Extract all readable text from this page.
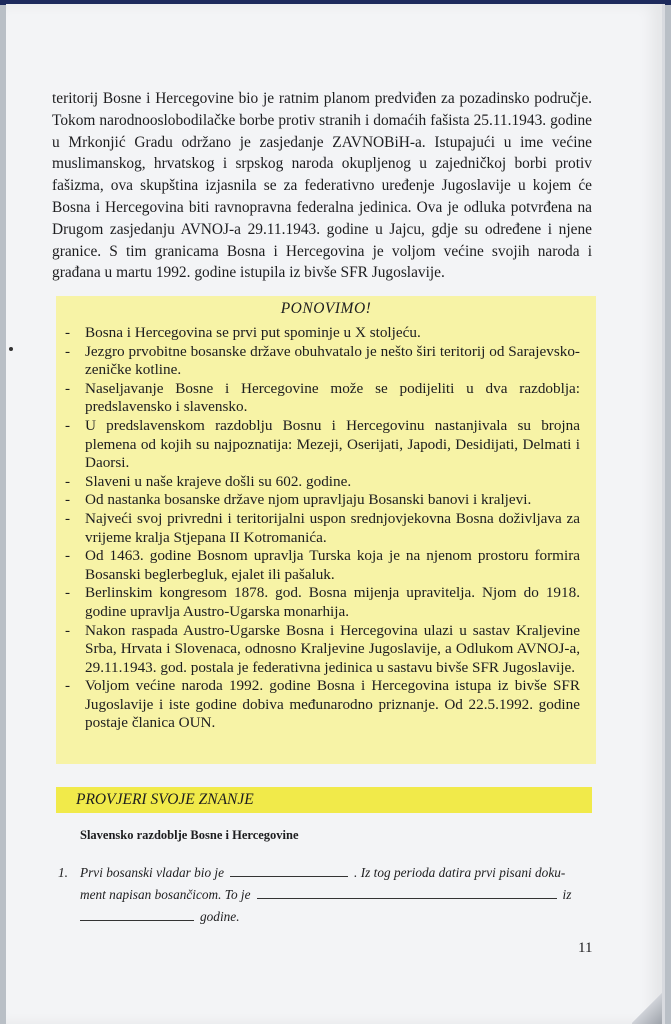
teritorij Bosne i Hercegovine bio je ratnim planom predviđen za pozadinsko područje. Tokom narodnooslobodilačke borbe protiv stranih i domaćih fašista 25.11.1943. godine u Mrkonjić Gradu održano je zasjedanje ZAVNOBiH-a. Istupajući u ime većine muslimanskog, hrvatskog i srpskog naroda okupljenog u zajedničkoj borbi protiv fašizma, ova skupština izjasnila se za federativno uređenje Jugoslavije u kojem će Bosna i Hercegovina biti ravnopravna federalna jedinica. Ova je odluka potvrđena na Drugom zasjedanju AVNOJ-a 29.11.1943. godine u Jajcu, gdje su određene i njene granice. S tim granicama Bosna i Hercegovina je voljom većine svojih naroda i građana u martu 1992. godine istupila iz bivše SFR Jugoslavije.

PONOVIMO!
- Bosna i Hercegovina se prvi put spominje u X stoljeću.
- Jezgro prvobitne bosanske države obuhvatalo je nešto širi teritorij od Sarajevsko-zeničke kotline.
- Naseljavanje Bosne i Hercegovine može se podijeliti u dva razdoblja: predslavensko i slavensko.
- U predslavenskom razdoblju Bosnu i Hercegovinu nastanjivala su brojna plemena od kojih su najpoznatija: Mezeji, Oserijati, Japodi, Desidijati, Delmati i Daorsi.
- Slaveni u naše krajeve došli su 602. godine.
- Od nastanka bosanske države njom upravljaju Bosanski banovi i kraljevi.
- Najveći svoj privredni i teritorijalni uspon srednjovjekovna Bosna doživljava za vrijeme kralja Stjepana II Kotromanića.
- Od 1463. godine Bosnom upravlja Turska koja je na njenom prostoru formira Bosanski beglerbegluk, ejalet ili pašaluk.
- Berlinskim kongresom 1878. god. Bosna mijenja upravitelja. Njom do 1918. godine upravlja Austro-Ugarska monarhija.
- Nakon raspada Austro-Ugarske Bosna i Hercegovina ulazi u sastav Kraljevine Srba, Hrvata i Slovenaca, odnosno Kraljevine Jugoslavije, a Odlukom AVNOJ-a, 29.11.1943. god. postala je federativna jedinica u sastavu bivše SFR Jugoslavije.
- Voljom većine naroda 1992. godine Bosna i Hercegovina istupa iz bivše SFR Jugoslavije i iste godine dobiva međunarodno priznanje. Od 22.5.1992. godine postaje članica OUN.

PROVJERI SVOJE ZNANJE

Slavensko razdoblje Bosne i Hercegovine

1. Prvi bosanski vladar bio je	. Iz tog perioda datira prvi pisani doku-
ment napisan bosančicom. To je	iz
godine.

11
